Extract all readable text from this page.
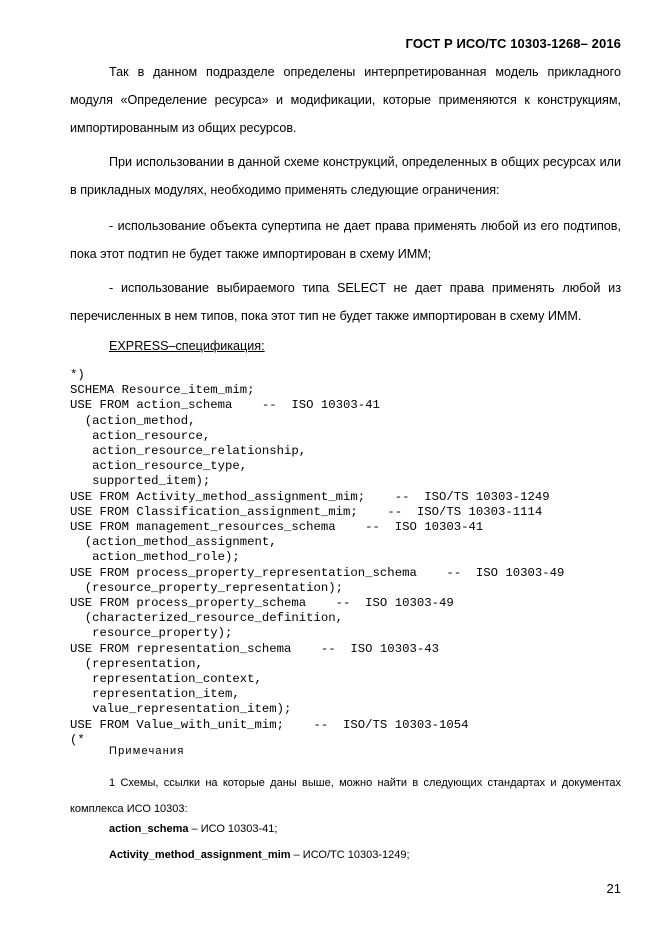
ГОСТ Р ИСО/ТС 10303-1268– 2016

Так в данном подразделе определены интерпретированная модель прикладного модуля «Определение ресурса» и модификации, которые применяются к конструкциям, импортированным из общих ресурсов.

При использовании в данной схеме конструкций, определенных в общих ресурсах или в прикладных модулях, необходимо применять следующие ограничения:

- использование объекта супертипа не дает права применять любой из его подтипов, пока этот подтип не будет также импортирован в схему ИММ;

- использование выбираемого типа SELECT не дает права применять любой из перечисленных в нем типов, пока этот тип не будет также импортирован в схему ИММ.

EXPRESS–спецификация:
*)
SCHEMA Resource_item_mim;
USE FROM action_schema    --  ISO 10303-41
(action_method,
action_resource,
action_resource_relationship,
action_resource_type,
supported_item);
USE FROM Activity_method_assignment_mim;    --  ISO/TS 10303-1249
USE FROM Classification_assignment_mim;    --  ISO/TS 10303-1114
USE FROM management_resources_schema    --  ISO 10303-41
(action_method_assignment,
action_method_role);
USE FROM process_property_representation_schema    --  ISO 10303-49
(resource_property_representation);
USE FROM process_property_schema    --  ISO 10303-49
(characterized_resource_definition,
resource_property);
USE FROM representation_schema    --  ISO 10303-43
(representation,
representation_context,
representation_item,
value_representation_item);
USE FROM Value_with_unit_mim;    --  ISO/TS 10303-1054
(*
Примечания

1 Схемы, ссылки на которые даны выше, можно найти в следующих стандартах и документах комплекса ИСО 10303:

action_schema – ИСО 10303-41;
Activity_method_assignment_mim – ИСО/ТС 10303-1249;
21
